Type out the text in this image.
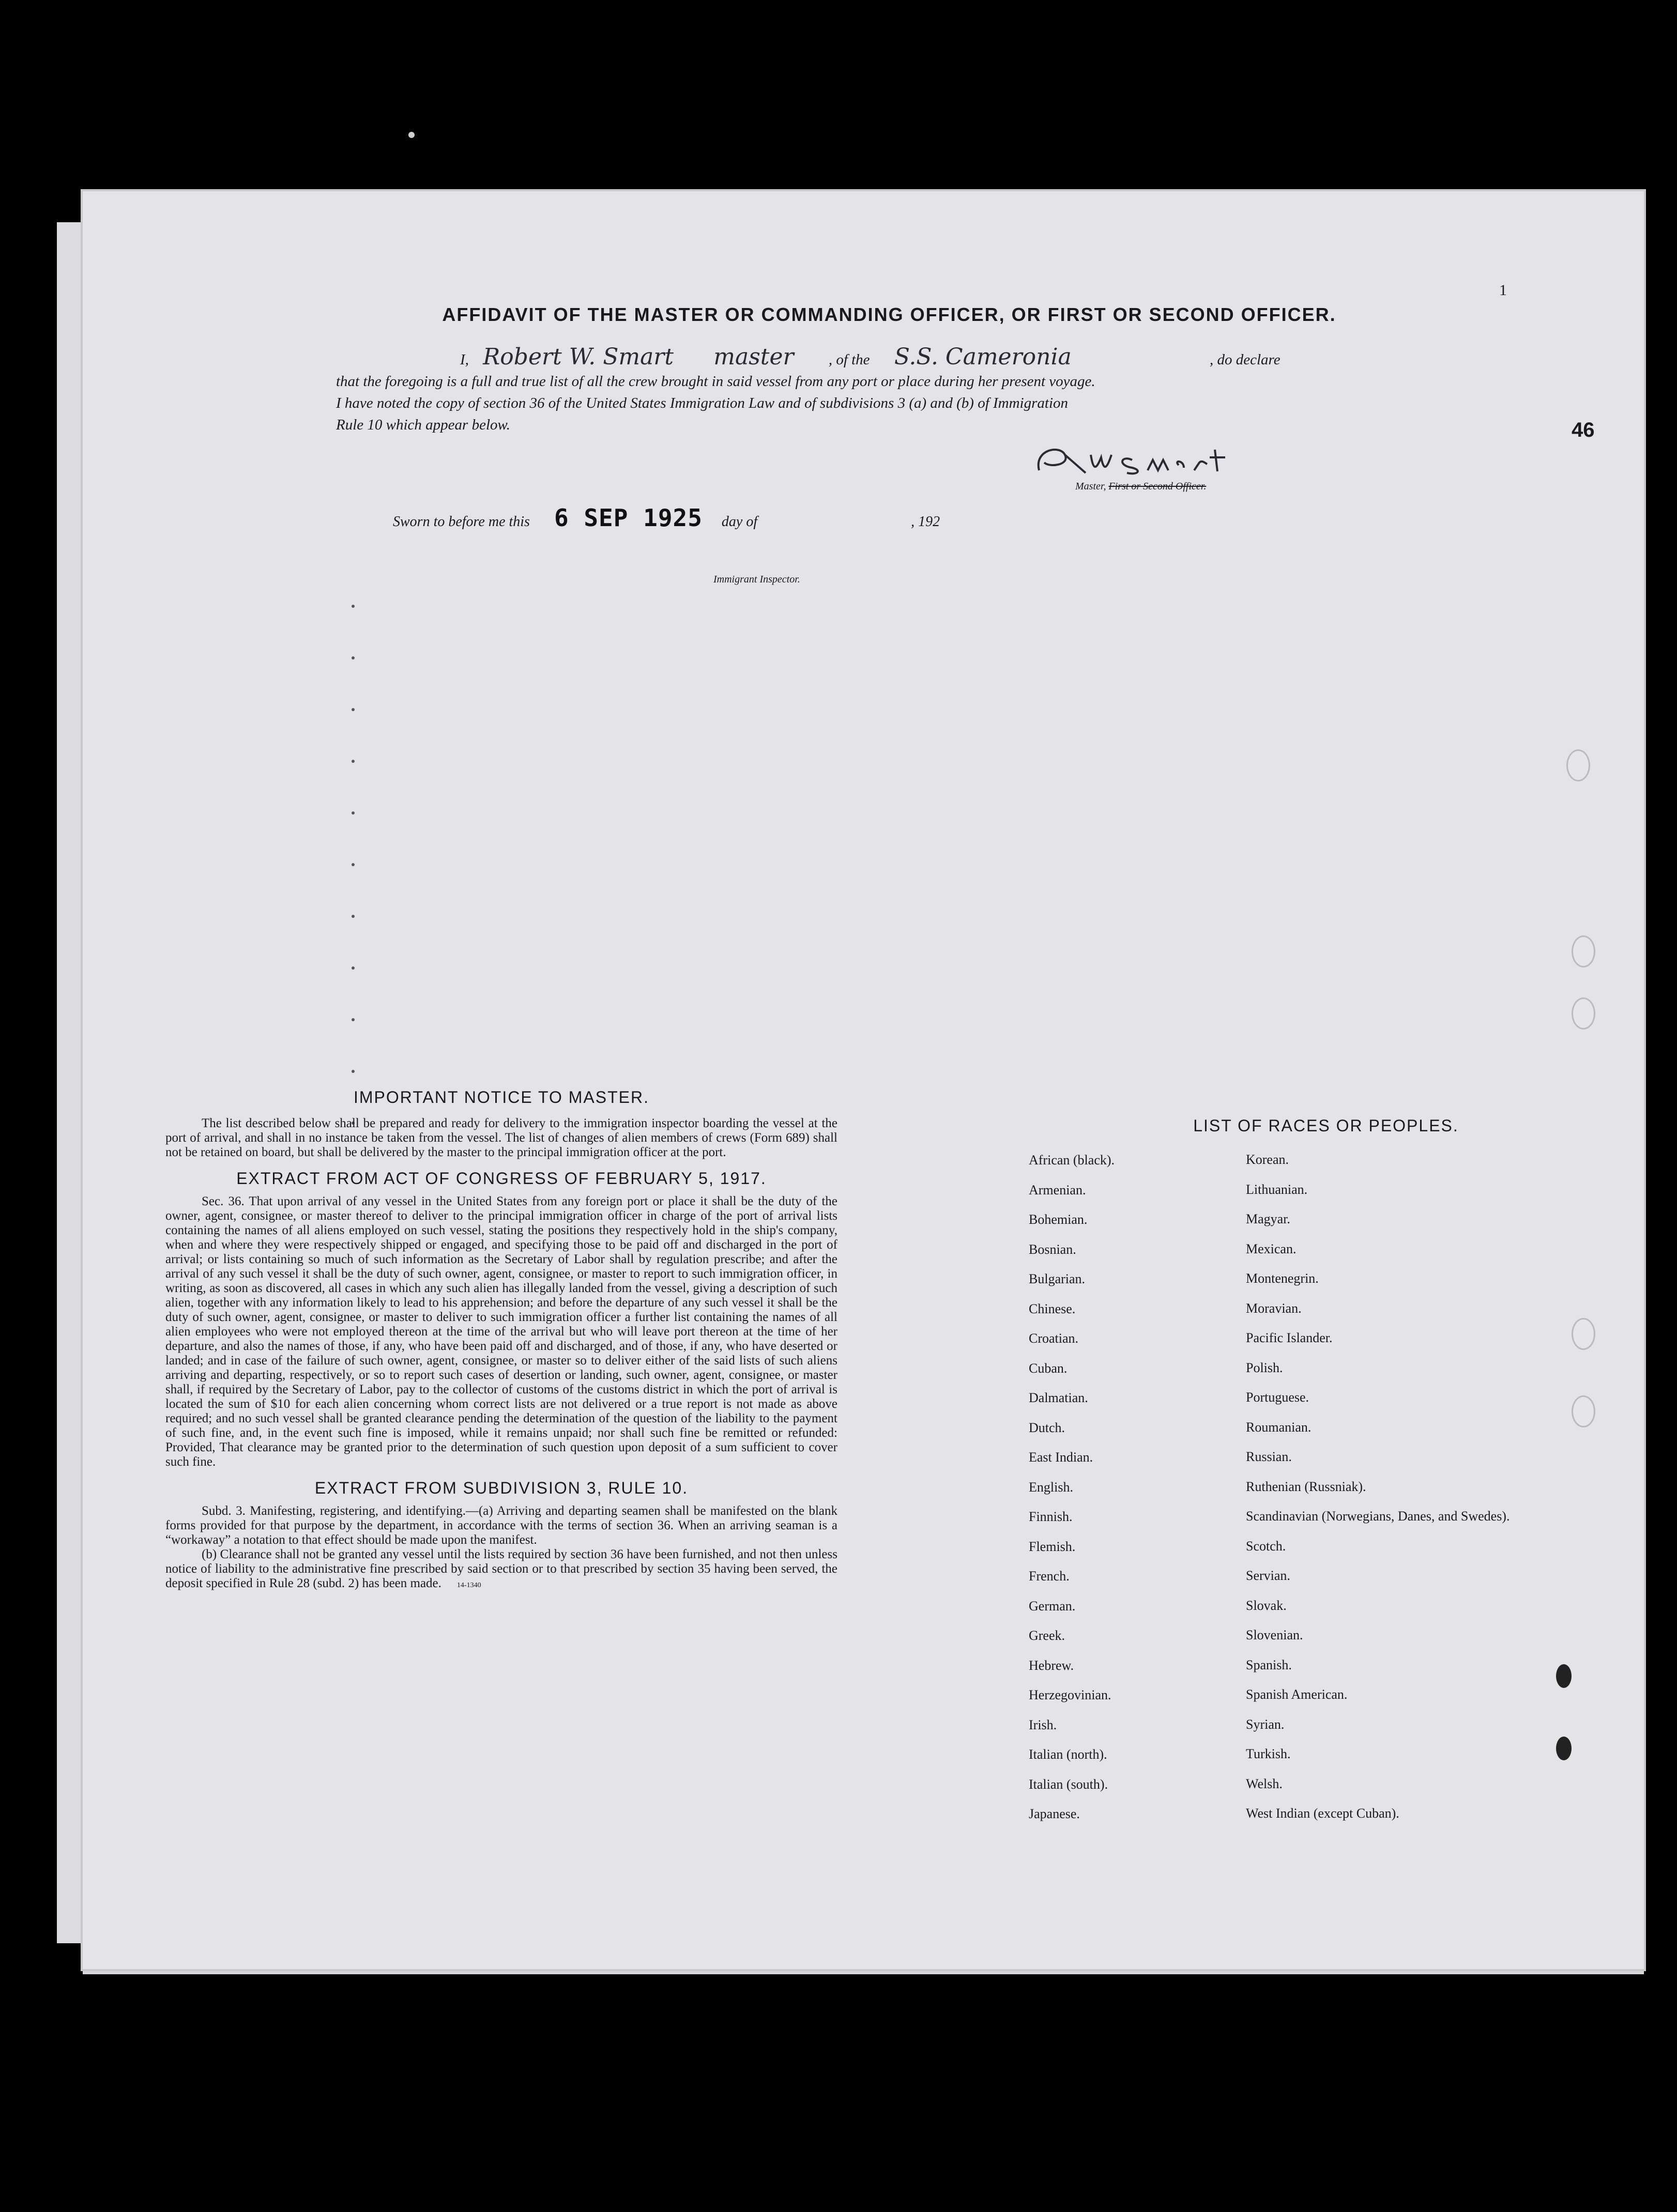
1
46
AFFIDAVIT OF THE MASTER OR COMMANDING OFFICER, OR FIRST OR SECOND OFFICER.
I, Robert W. Smart master , of the S.S. Cameronia	, do declare
that the foregoing is a full and true list of all the crew brought in said vessel from any port or place during her present voyage.
I have noted the copy of section 36 of the United States Immigration Law and of subdivisions 3 (a) and (b) of Immigration
Rule 10 which appear below.
Master, First or Second Officer.
Sworn to before me this 6 SEP 1925 day of	, 192
Immigrant Inspector.
IMPORTANT NOTICE TO MASTER.

The list described below shall be prepared and ready for delivery to the immigration inspector boarding the vessel at the port of arrival, and shall in no instance be taken from the vessel. The list of changes of alien members of crews (Form 689) shall not be retained on board, but shall be delivered by the master to the principal immigration officer at the port.

EXTRACT FROM ACT OF CONGRESS OF FEBRUARY 5, 1917.

Sec. 36. That upon arrival of any vessel in the United States from any foreign port or place it shall be the duty of the owner, agent, consignee, or master thereof to deliver to the principal immigration officer in charge of the port of arrival lists containing the names of all aliens employed on such vessel, stating the positions they respectively hold in the ship's company, when and where they were respectively shipped or engaged, and specifying those to be paid off and discharged in the port of arrival; or lists containing so much of such information as the Secretary of Labor shall by regulation prescribe; and after the arrival of any such vessel it shall be the duty of such owner, agent, consignee, or master to report to such immigration officer, in writing, as soon as discovered, all cases in which any such alien has illegally landed from the vessel, giving a description of such alien, together with any information likely to lead to his apprehension; and before the departure of any such vessel it shall be the duty of such owner, agent, consignee, or master to deliver to such immigration officer a further list containing the names of all alien employees who were not employed thereon at the time of the arrival but who will leave port thereon at the time of her departure, and also the names of those, if any, who have been paid off and discharged, and of those, if any, who have deserted or landed; and in case of the failure of such owner, agent, consignee, or master so to deliver either of the said lists of such aliens arriving and departing, respectively, or so to report such cases of desertion or landing, such owner, agent, consignee, or master shall, if required by the Secretary of Labor, pay to the collector of customs of the customs district in which the port of arrival is located the sum of $10 for each alien concerning whom correct lists are not delivered or a true report is not made as above required; and no such vessel shall be granted clearance pending the determination of the question of the liability to the payment of such fine, and, in the event such fine is imposed, while it remains unpaid; nor shall such fine be remitted or refunded: Provided, That clearance may be granted prior to the determination of such question upon deposit of a sum sufficient to cover such fine.

EXTRACT FROM SUBDIVISION 3, RULE 10.

Subd. 3. Manifesting, registering, and identifying.—(a) Arriving and departing seamen shall be manifested on the blank forms provided for that purpose by the department, in accordance with the terms of section 36. When an arriving seaman is a “workaway” a notation to that effect should be made upon the manifest.

(b) Clearance shall not be granted any vessel until the lists required by section 36 have been furnished, and not then unless notice of liability to the administrative fine prescribed by said section or to that prescribed by section 35 having been served, the deposit specified in Rule 28 (subd. 2) has been made. 14-1340

LIST OF RACES OR PEOPLES.
African (black).	Korean.
Armenian.	Lithuanian.
Bohemian.	Magyar.
Bosnian.	Mexican.
Bulgarian.	Montenegrin.
Chinese.	Moravian.
Croatian.	Pacific Islander.
Cuban.	Polish.
Dalmatian.	Portuguese.
Dutch.	Roumanian.
East Indian.	Russian.
English.	Ruthenian (Russniak).
Finnish.	Scandinavian (Norwegians, Danes, and Swedes).
Flemish.	Scotch.
French.	Servian.
German.	Slovak.
Greek.	Slovenian.
Hebrew.	Spanish.
Herzegovinian.	Spanish American.
Irish.	Syrian.
Italian (north).	Turkish.
Italian (south).	Welsh.
Japanese.	West Indian (except Cuban).
